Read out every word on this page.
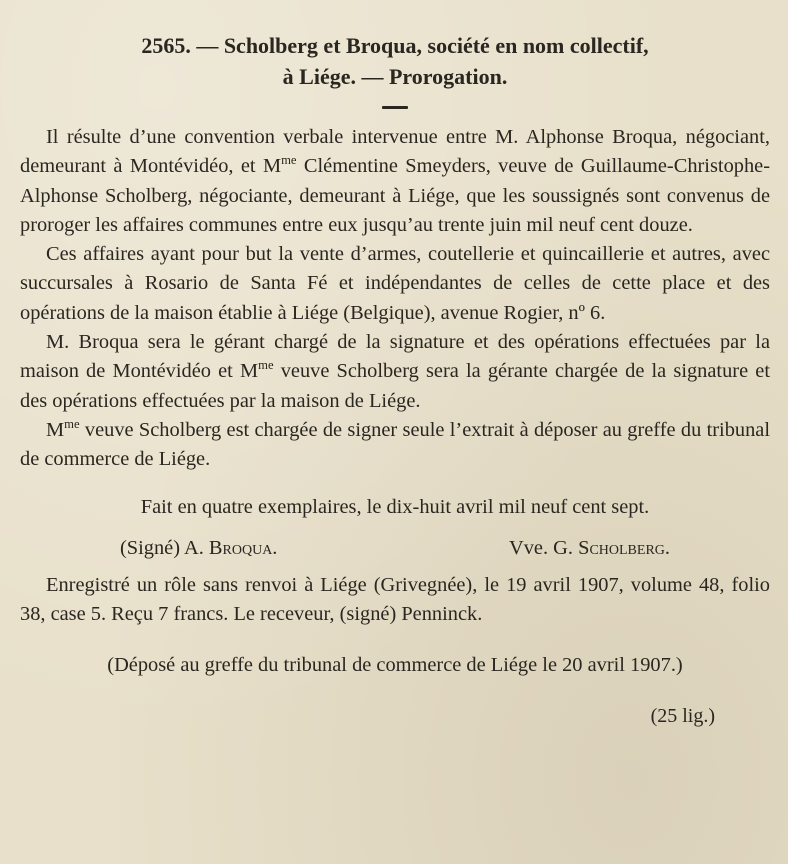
2565. — Scholberg et Broqua, société en nom collectif,
à Liége. — Prorogation.

Il résulte d’une convention verbale intervenue entre M. Alphonse Broqua, négociant, demeurant à Montévidéo, et $M^{me}$ Clémentine Smeyders, veuve de Guillaume-Christophe-Alphonse Scholberg, négociante, demeurant à Liége, que les soussignés sont convenus de proroger les affaires communes entre eux jusqu’au trente juin mil neuf cent douze.

Ces affaires ayant pour but la vente d’armes, coutellerie et quincaillerie et autres, avec succursales à Rosario de Santa Fé et indépendantes de celles de cette place et des opérations de la maison établie à Liége (Belgique), avenue Rogier, nº 6.

M. Broqua sera le gérant chargé de la signature et des opérations effectuées par la maison de Montévidéo et $M^{me}$ veuve Scholberg sera la gérante chargée de la signature et des opérations effectuées par la maison de Liége.

$M^{me}$ veuve Scholberg est chargée de signer seule l’extrait à déposer au greffe du tribunal de commerce de Liége.

Fait en quatre exemplaires, le dix-huit avril mil neuf cent sept.

(Signé) A. Broqua.	Vve. G. Scholberg.

Enregistré un rôle sans renvoi à Liége (Grivegnée), le 19 avril 1907, volume 48, folio 38, case 5. Reçu 7 francs. Le receveur, (signé) Penninck.

(Déposé au greffe du tribunal de commerce de Liége le 20 avril 1907.)

(25 lig.)
